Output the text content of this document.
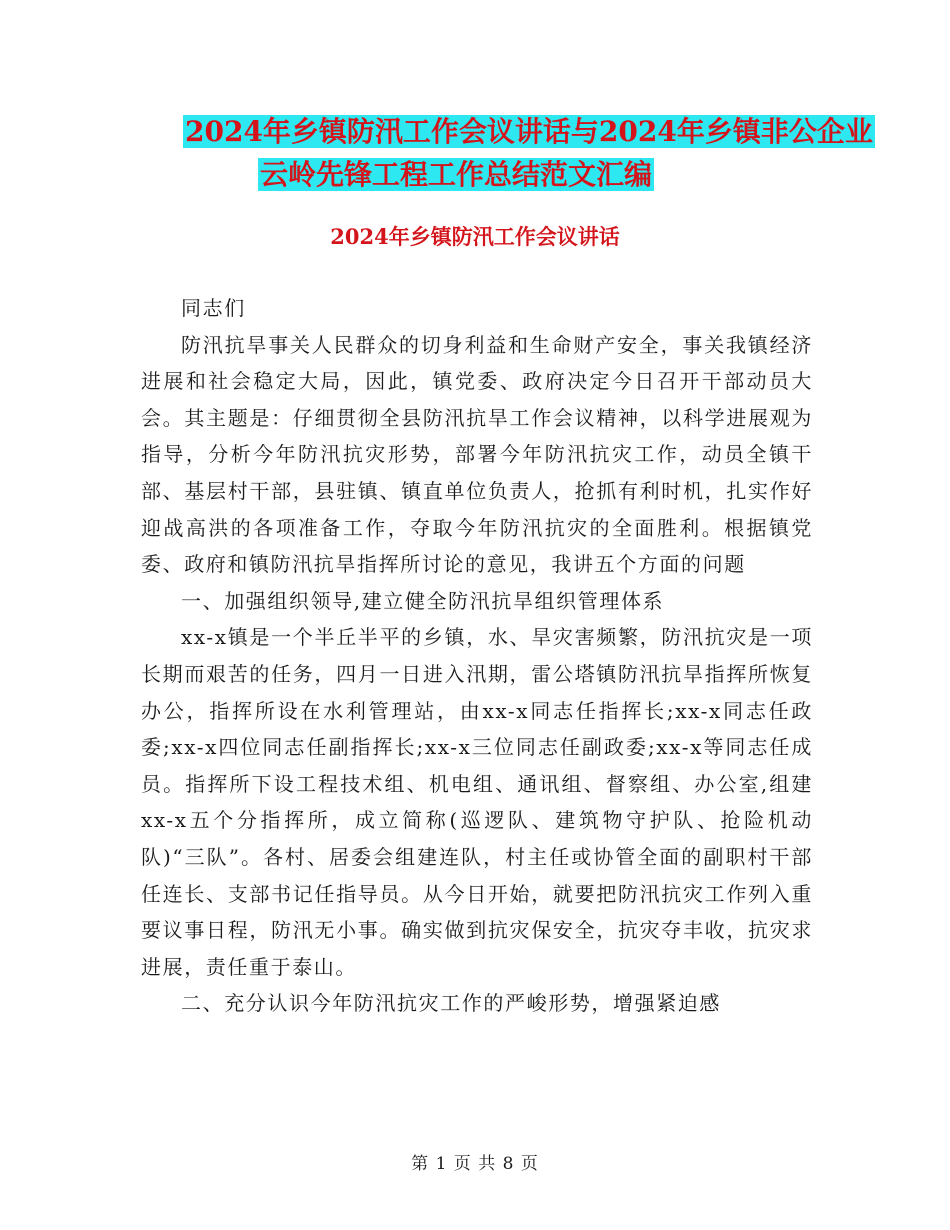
2024年乡镇防汛工作会议讲话与2024年乡镇非公企业
云岭先锋工程工作总结范文汇编
2024年乡镇防汛工作会议讲话

同志们

防汛抗旱事关人民群众的切身利益和生命财产安全，事关我镇经济进展和社会稳定大局，因此，镇党委、政府决定今日召开干部动员大会。其主题是：仔细贯彻全县防汛抗旱工作会议精神，以科学进展观为指导，分析今年防汛抗灾形势，部署今年防汛抗灾工作，动员全镇干部、基层村干部，县驻镇、镇直单位负责人，抢抓有利时机，扎实作好迎战高洪的各项准备工作，夺取今年防汛抗灾的全面胜利。根据镇党委、政府和镇防汛抗旱指挥所讨论的意见，我讲五个方面的问题

一、加强组织领导,建立健全防汛抗旱组织管理体系

xx-x镇是一个半丘半平的乡镇，水、旱灾害频繁，防汛抗灾是一项长期而艰苦的任务，四月一日进入汛期，雷公塔镇防汛抗旱指挥所恢复办公，指挥所设在水利管理站，由xx-x同志任指挥长;xx-x同志任政委;xx-x四位同志任副指挥长;xx-x三位同志任副政委;xx-x等同志任成员。指挥所下设工程技术组、机电组、通讯组、督察组、办公室,组建xx-x五个分指挥所，成立简称(巡逻队、建筑物守护队、抢险机动队)“三队”。各村、居委会组建连队，村主任或协管全面的副职村干部任连长、支部书记任指导员。从今日开始，就要把防汛抗灾工作列入重要议事日程，防汛无小事。确实做到抗灾保安全，抗灾夺丰收，抗灾求进展，责任重于泰山。

二、充分认识今年防汛抗灾工作的严峻形势，增强紧迫感

第 1 页 共 8 页
